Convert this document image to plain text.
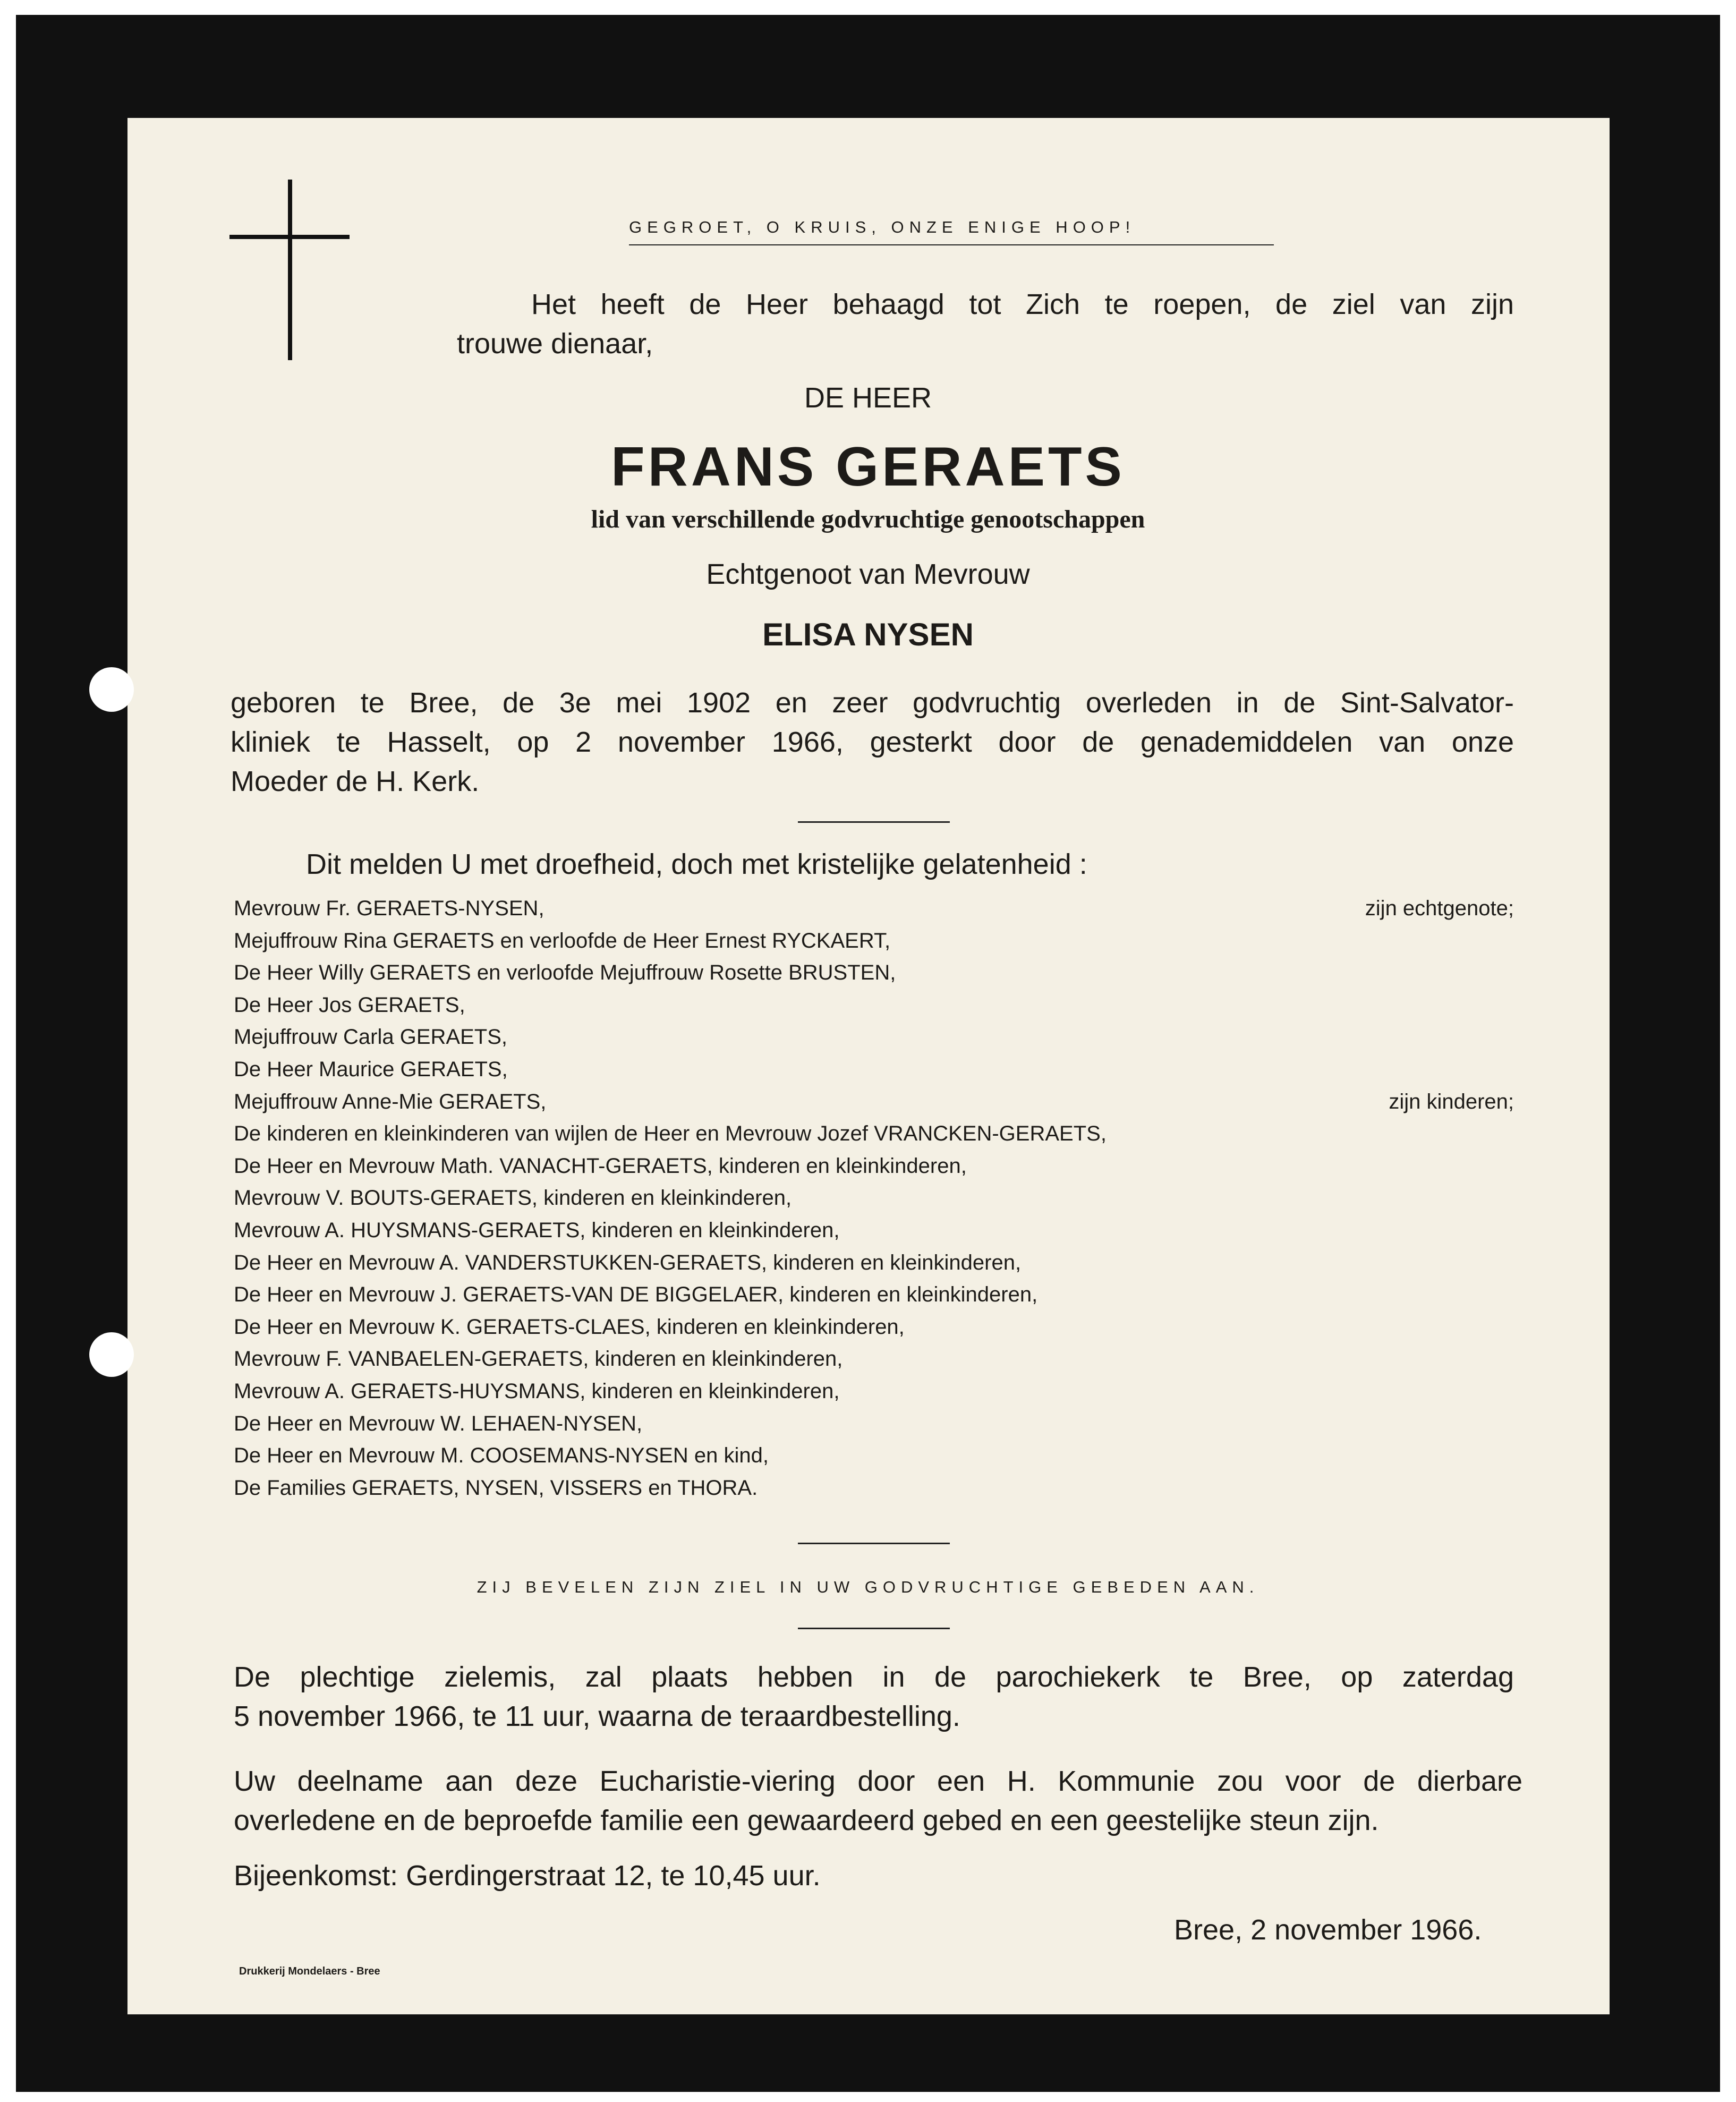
GEGROET, O KRUIS, ONZE ENIGE HOOP!
Het heeft de Heer behaagd tot Zich te roepen, de ziel van zijn
trouwe dienaar,
DE HEER
FRANS GERAETS
lid van verschillende godvruchtige genootschappen
Echtgenoot van Mevrouw
ELISA NYSEN
geboren te Bree, de 3e mei 1902 en zeer godvruchtig overleden in de Sint-Salvator-
kliniek te Hasselt, op 2 november 1966, gesterkt door de genademiddelen van onze
Moeder de H. Kerk.
Dit melden U met droefheid, doch met kristelijke gelatenheid :
Mevrouw Fr. GERAETS-NYSEN,	zijn echtgenote;
Mejuffrouw Rina GERAETS en verloofde de Heer Ernest RYCKAERT,
De Heer Willy GERAETS en verloofde Mejuffrouw Rosette BRUSTEN,
De Heer Jos GERAETS,
Mejuffrouw Carla GERAETS,
De Heer Maurice GERAETS,
Mejuffrouw Anne-Mie GERAETS,	zijn kinderen;
De kinderen en kleinkinderen van wijlen de Heer en Mevrouw Jozef VRANCKEN-GERAETS,
De Heer en Mevrouw Math. VANACHT-GERAETS, kinderen en kleinkinderen,
Mevrouw V. BOUTS-GERAETS, kinderen en kleinkinderen,
Mevrouw A. HUYSMANS-GERAETS, kinderen en kleinkinderen,
De Heer en Mevrouw A. VANDERSTUKKEN-GERAETS, kinderen en kleinkinderen,
De Heer en Mevrouw J. GERAETS-VAN DE BIGGELAER, kinderen en kleinkinderen,
De Heer en Mevrouw K. GERAETS-CLAES, kinderen en kleinkinderen,
Mevrouw F. VANBAELEN-GERAETS, kinderen en kleinkinderen,
Mevrouw A. GERAETS-HUYSMANS, kinderen en kleinkinderen,
De Heer en Mevrouw W. LEHAEN-NYSEN,
De Heer en Mevrouw M. COOSEMANS-NYSEN en kind,
De Families GERAETS, NYSEN, VISSERS en THORA.
ZIJ BEVELEN ZIJN ZIEL IN UW GODVRUCHTIGE GEBEDEN AAN.
De plechtige zielemis, zal plaats hebben in de parochiekerk te Bree, op zaterdag
5 november 1966, te 11 uur, waarna de teraardbestelling.
Uw deelname aan deze Eucharistie-viering door een H. Kommunie zou voor de dierbare
overledene en de beproefde familie een gewaardeerd gebed en een geestelijke steun zijn.
Bijeenkomst: Gerdingerstraat 12, te 10,45 uur.
Bree, 2 november 1966.
Drukkerij Mondelaers - Bree
